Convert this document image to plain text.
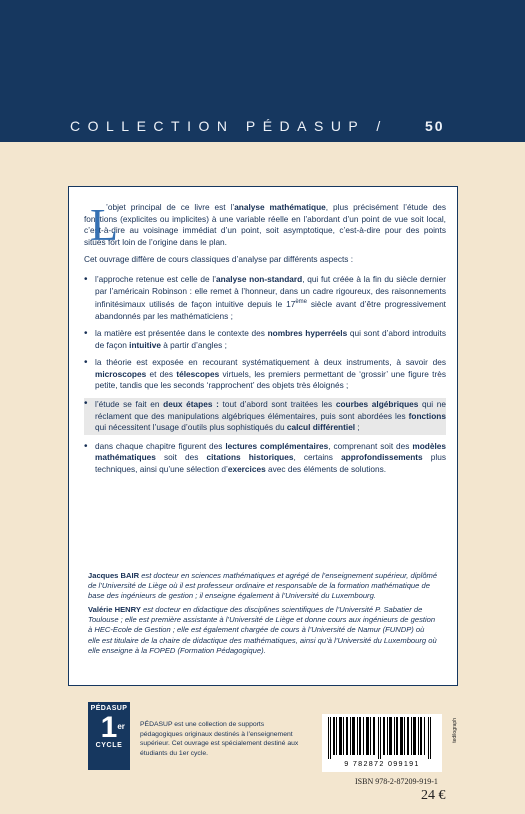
COLLECTION PÉDASUP /	50
L

’objet principal de ce livre est l’analyse mathématique, plus précisément l’étude des fonctions (explicites ou implicites) à une variable réelle en l’abordant d’un point de vue soit local, c’est-à-dire au voisinage immédiat d’un point, soit asymptotique, c’est-à-dire pour des points situés fort loin de l’origine dans le plan.

Cet ouvrage diffère de cours classiques d’analyse par différents aspects :

• l’approche retenue est celle de l’analyse non-standard, qui fut créée à la fin du siècle dernier par l’américain Robinson : elle remet à l’honneur, dans un cadre rigoureux, des raisonnements infinitésimaux utilisés de façon intuitive depuis le 17ème siècle avant d’être progressivement abandonnés par les mathématiciens ;
• la matière est présentée dans le contexte des nombres hyperréels qui sont d’abord introduits de façon intuitive à partir d’angles ;
• la théorie est exposée en recourant systématiquement à deux instruments, à savoir des microscopes et des télescopes virtuels, les premiers permettant de ‘grossir’ une figure très petite, tandis que les seconds ‘rapprochent’ des objets très éloignés ;
• l’étude se fait en deux étapes : tout d’abord sont traitées les courbes algébriques qui ne réclament que des manipulations algébriques élémentaires, puis sont abordées les fonctions qui nécessitent l’usage d’outils plus sophistiqués du calcul différentiel ;
• dans chaque chapitre figurent des lectures complémentaires, comprenant soit des modèles mathématiques soit des citations historiques, certains approfondissements plus techniques, ainsi qu’une sélection d’exercices avec des éléments de solutions.

Jacques BAIR est docteur en sciences mathématiques et agrégé de l’enseignement supérieur, diplômé de l’Université de Liège où il est professeur ordinaire et responsable de la formation mathématique de base des ingénieurs de gestion ; il enseigne également à l’Université du Luxembourg.

Valérie HENRY est docteur en didactique des disciplines scientifiques de l’Université P. Sabatier de Toulouse ; elle est première assistante à l’Université de Liège et donne cours aux ingénieurs de gestion à HEC-Ecole de Gestion ; elle est également chargée de cours à l’Université de Namur (FUNDP) où elle est titulaire de la chaire de didactique des mathématiques, ainsi qu’à l’Université du Luxembourg où elle enseigne à la FOPED (Formation Pédagogique).

PÉDASUP
1 er
CYCLE
PÉDASUP est une collection de supports pédagogiques originaux destinés à l’enseignement supérieur. Cet ouvrage est spécialement destiné aux étudiants du 1er cycle.
9 782872 099191
tedilograph
ISBN 978-2-87209-919-1
24 €
